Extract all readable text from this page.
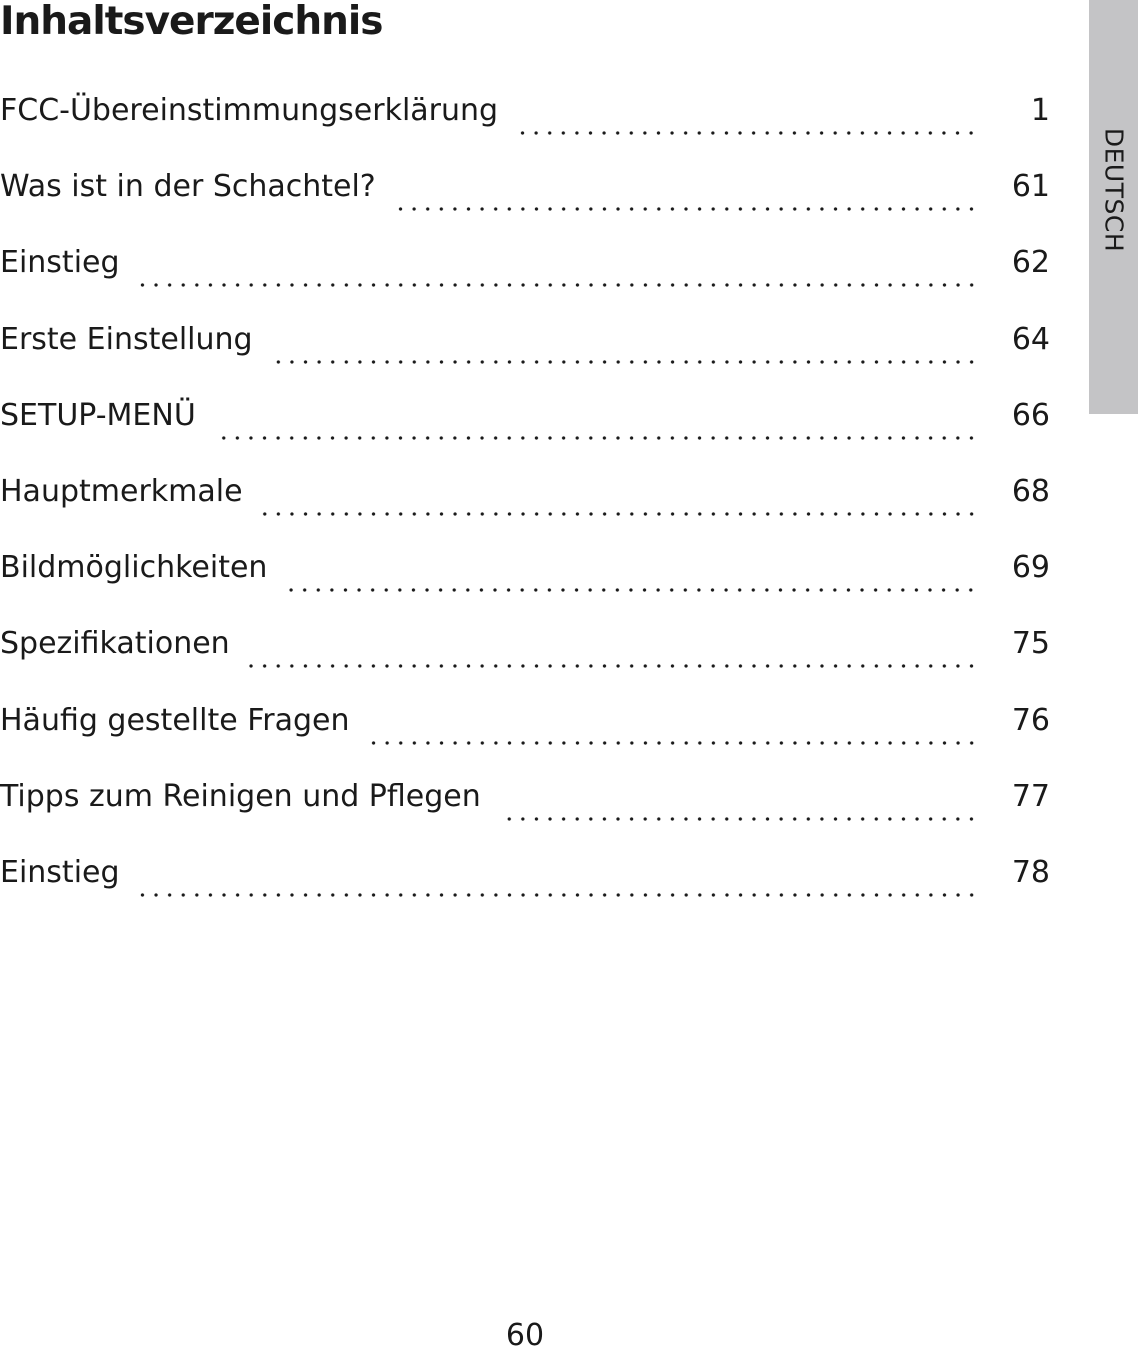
Inhaltsverzeichnis
FCC-Übereinstimmungserklärung	1
Was ist in der Schachtel?	61
Einstieg	62
Erste Einstellung	64
SETUP-MENÜ	66
Hauptmerkmale	68
Bildmöglichkeiten	69
Spezifikationen	75
Häufig gestellte Fragen	76
Tipps zum Reinigen und Pflegen	77
Einstieg	78
DEUTSCH
60
